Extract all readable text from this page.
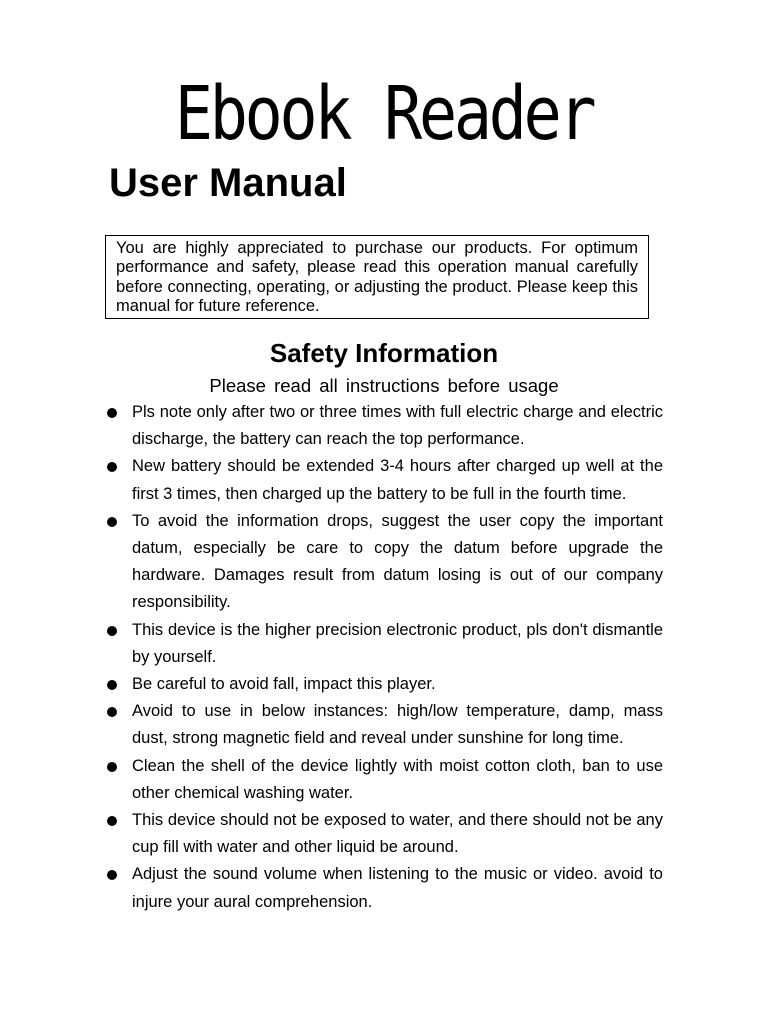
Ebook Reader
User Manual
You are highly appreciated to purchase our products. For optimum performance and safety, please read this operation manual carefully before connecting, operating, or adjusting the product. Please keep this manual for future reference.
Safety Information
Please read all instructions before usage
Pls note only after two or three times with full electric charge and electric discharge, the battery can reach the top performance.
New battery should be extended 3-4 hours after charged up well at the first 3 times, then charged up the battery to be full in the fourth time.
To avoid the information drops, suggest the user copy the important datum, especially be care to copy the datum before upgrade the hardware. Damages result from datum losing is out of our company responsibility.
This device is the higher precision electronic product, pls don't dismantle by yourself.
Be careful to avoid fall, impact this player.
Avoid to use in below instances: high/low temperature, damp, mass dust, strong magnetic field and reveal under sunshine for long time.
Clean the shell of the device lightly with moist cotton cloth, ban to use other chemical washing water.
This device should not be exposed to water, and there should not be any cup fill with water and other liquid be around.
Adjust the sound volume when listening to the music or video. avoid to injure your aural comprehension.
